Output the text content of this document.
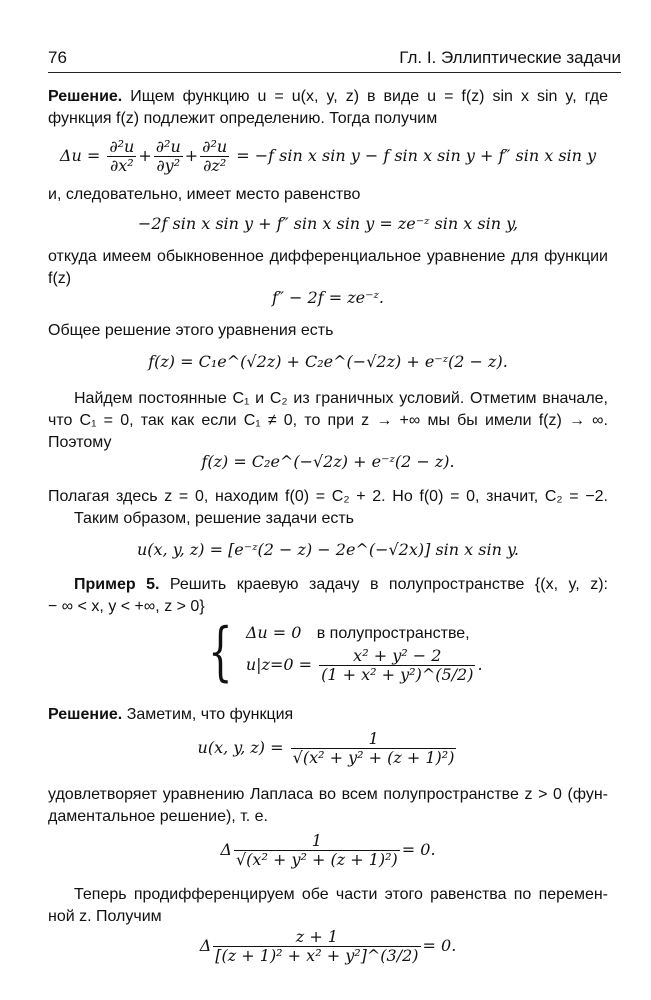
76	Гл. I. Эллиптические задачи
Решение. Ищем функцию u = u(x, y, z) в виде u = f(z) sin x sin y, где
функция f(z) подлежит определению. Тогда получим
$\Delta u = \frac{\text{∂²u}}{\text{∂x²}} + \frac{\text{∂²u}}{\text{∂y²}} + \frac{\text{∂²u}}{\text{∂z²}} = -f$ sin x sin y − f sin x sin y + f″ sin x sin y
и, следовательно, имеет место равенство
−2f sin x sin y + f″ sin x sin y = ze⁻ᶻ sin x sin y,
откуда имеем обыкновенное дифференциальное уравнение для функции
f(z)
f″ − 2f = ze⁻ᶻ.
Общее решение этого уравнения есть
f(z) = C₁e^(√2z) + C₂e^(−√2z) + e⁻ᶻ(2 − z).
Найдем постоянные C₁ и C₂ из граничных условий. Отметим вначале,
что C₁ = 0, так как если C₁ ≠ 0, то при z → +∞ мы бы имели f(z) → ∞.
Поэтому
f(z) = C₂e^(−√2z) + e⁻ᶻ(2 − z).
Полагая здесь z = 0, находим f(0) = C₂ + 2. Но f(0) = 0, значит, C₂ = −2.
Таким образом, решение задачи есть
u(x, y, z) = [e⁻ᶻ(2 − z) − 2e^(−√2x)] sin x sin y.
Пример 5. Решить краевую задачу в полупространстве {(x, y, z):
− ∞ < x, y < +∞, z > 0}
{ Δu = 0 в полупространстве,
$u|z=0 = \frac{\text{x² + y² − 2}}{\text{(1 + x² + y²)\textasciicircum{}(5/2)}}$ .
Решение. Заметим, что функция
u(x, y, $z) = \frac{1}{\text{√(x² + y² + (z + 1)²)}}$
удовлетворяет уравнению Лапласа во всем полупространстве z > 0 (фун-
даментальное решение), т. е.
Δ $\frac{1}{\text{√(x² + y² + (z + 1)²)}} = 0$.
Теперь продифференцируем обе части этого равенства по перемен-
ной z. Получим
Δ $\frac{z + 1}{\text{[(z + 1)² + x² + y²]\textasciicircum{}(3/2)}} = 0$.
